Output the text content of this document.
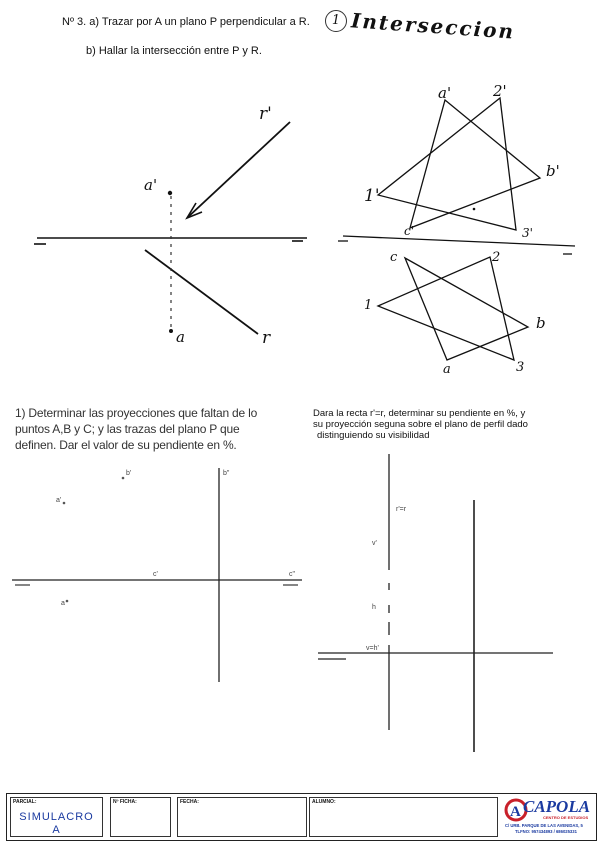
Nº 3. a) Trazar por A un plano P perpendicular a R.
b) Hallar la intersección entre P y R.
1 Interseccion
r'
a'
a	r
a'	2'
b'
1'
c'	3'
c	2
1
b
a	3
1) Determinar las proyecciones que faltan de lo
puntos A,B y C; y las trazas del plano P que
definen. Dar el valor de su pendiente en %.
b'	b"
a'
c'	c"
a
Dara la recta r'=r, determinar su pendiente en %, y
su proyección seguna sobre el plano de perfil dado
distinguiendo su visibilidad
r'=r
v'
h
v=h'
PARCIAL:
SIMULACRO
A
Nº FICHA:	FECHA:	ALUMNO:
A CAPOLA
CENTRO DE ESTUDIOS
C/ URB. PARQUE DE LAS AVENIDAS, 5
TLFNO: 957434893 / 686025331
